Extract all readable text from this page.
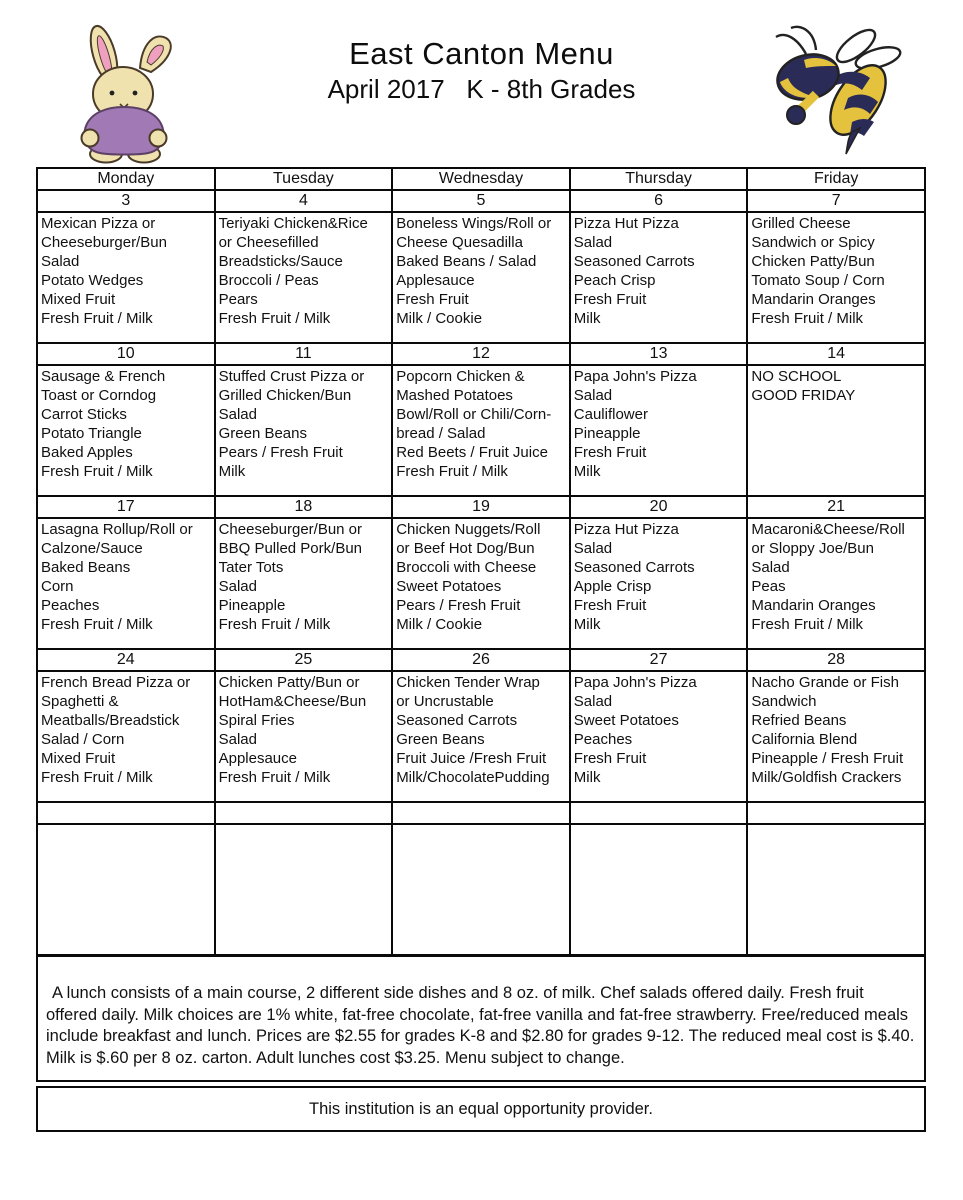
East Canton Menu
April 2017   K - 8th Grades
Monday	Tuesday	Wednesday	Thursday	Friday
3	4	5	6	7
Mexican Pizza or
Cheeseburger/Bun
Salad
Potato Wedges
Mixed Fruit
Fresh Fruit / Milk	Teriyaki Chicken&Rice
or Cheesefilled
Breadsticks/Sauce
Broccoli / Peas
Pears
Fresh Fruit / Milk	Boneless Wings/Roll or
Cheese Quesadilla
Baked Beans / Salad
Applesauce
Fresh Fruit
Milk / Cookie	Pizza Hut Pizza
Salad
Seasoned Carrots
Peach Crisp
Fresh Fruit
Milk	Grilled Cheese
Sandwich or Spicy
Chicken Patty/Bun
Tomato Soup / Corn
Mandarin Oranges
Fresh Fruit / Milk
10	11	12	13	14
Sausage & French
Toast or Corndog
Carrot Sticks
Potato Triangle
Baked Apples
Fresh Fruit / Milk	Stuffed Crust Pizza or
Grilled Chicken/Bun
Salad
Green Beans
Pears / Fresh Fruit
Milk	Popcorn Chicken &
Mashed Potatoes
Bowl/Roll or Chili/Corn-
bread / Salad
Red Beets / Fruit Juice
Fresh Fruit / Milk	Papa John's Pizza
Salad
Cauliflower
Pineapple
Fresh Fruit
Milk	NO SCHOOL
GOOD FRIDAY
17	18	19	20	21
Lasagna Rollup/Roll or
Calzone/Sauce
Baked Beans
Corn
Peaches
Fresh Fruit / Milk	Cheeseburger/Bun or
BBQ Pulled Pork/Bun
Tater Tots
Salad
Pineapple
Fresh Fruit / Milk	Chicken Nuggets/Roll
or Beef Hot Dog/Bun
Broccoli with Cheese
Sweet Potatoes
Pears / Fresh Fruit
Milk / Cookie	Pizza Hut Pizza
Salad
Seasoned Carrots
Apple Crisp
Fresh Fruit
Milk	Macaroni&Cheese/Roll
or Sloppy Joe/Bun
Salad
Peas
Mandarin Oranges
Fresh Fruit / Milk
24	25	26	27	28
French Bread Pizza or
Spaghetti &
Meatballs/Breadstick
Salad / Corn
Mixed Fruit
Fresh Fruit / Milk	Chicken Patty/Bun or
HotHam&Cheese/Bun
Spiral Fries
Salad
Applesauce
Fresh Fruit / Milk	Chicken Tender Wrap
or Uncrustable
Seasoned Carrots
Green Beans
Fruit Juice /Fresh Fruit
Milk/ChocolatePudding	Papa John's Pizza
Salad
Sweet Potatoes
Peaches
Fresh Fruit
Milk	Nacho Grande or Fish
Sandwich
Refried Beans
California Blend
Pineapple / Fresh Fruit
Milk/Goldfish Crackers

A lunch consists of a main course, 2 different side dishes and 8 oz. of milk. Chef salads offered daily. Fresh fruit offered daily. Milk choices are 1% white, fat-free chocolate, fat-free vanilla and fat-free strawberry. Free/reduced meals include breakfast and lunch. Prices are $2.55 for grades K-8 and $2.80 for grades 9-12. The reduced meal cost is $.40. Milk is $.60 per 8 oz. carton. Adult lunches cost $3.25. Menu subject to change.
This institution is an equal opportunity provider.
